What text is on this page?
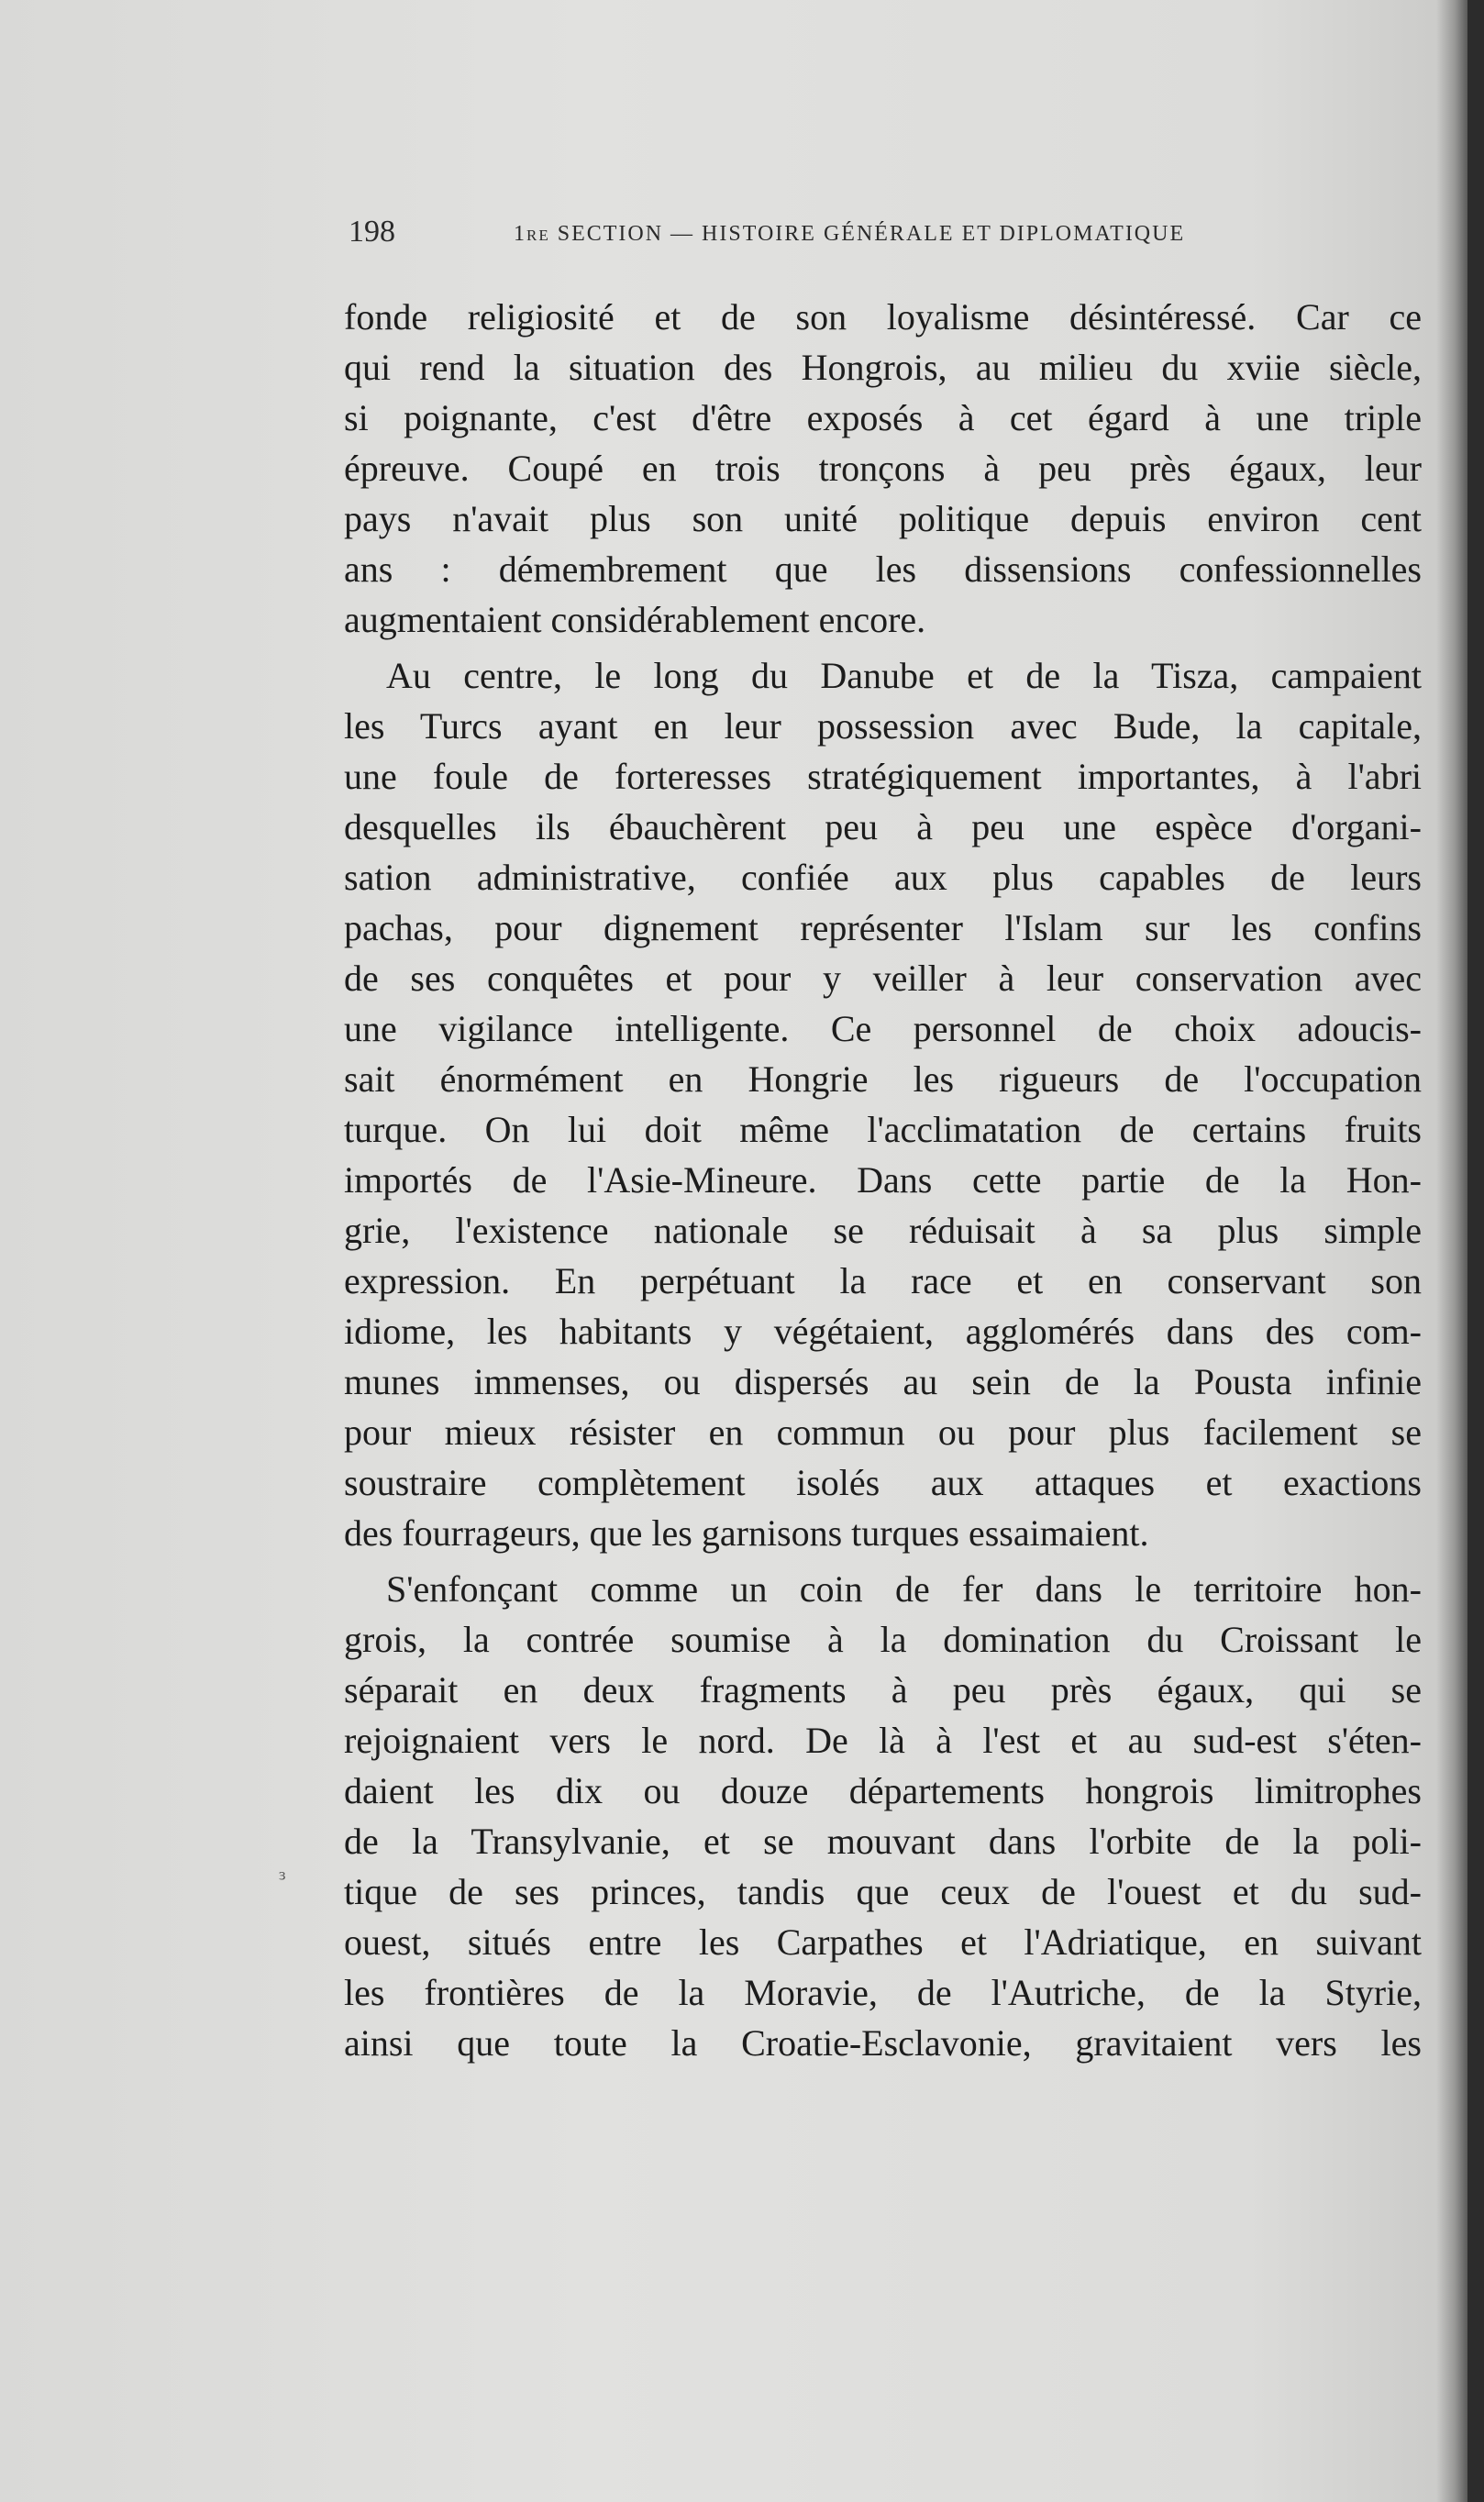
198	1re SECTION — HISTOIRE GÉNÉRALE ET DIPLOMATIQUE
fonde religiosité et de son loyalisme désintéressé. Car ce
qui rend la situation des Hongrois, au milieu du xviie siècle,
si poignante, c'est d'être exposés à cet égard à une triple
épreuve. Coupé en trois tronçons à peu près égaux, leur
pays n'avait plus son unité politique depuis environ cent
ans : démembrement que les dissensions confessionnelles
augmentaient considérablement encore.
Au centre, le long du Danube et de la Tisza, campaient
les Turcs ayant en leur possession avec Bude, la capitale,
une foule de forteresses stratégiquement importantes, à l'abri
desquelles ils ébauchèrent peu à peu une espèce d'organi-
sation administrative, confiée aux plus capables de leurs
pachas, pour dignement représenter l'Islam sur les confins
de ses conquêtes et pour y veiller à leur conservation avec
une vigilance intelligente. Ce personnel de choix adoucis-
sait énormément en Hongrie les rigueurs de l'occupation
turque. On lui doit même l'acclimatation de certains fruits
importés de l'Asie-Mineure. Dans cette partie de la Hon-
grie, l'existence nationale se réduisait à sa plus simple
expression. En perpétuant la race et en conservant son
idiome, les habitants y végétaient, agglomérés dans des com-
munes immenses, ou dispersés au sein de la Pousta infinie
pour mieux résister en commun ou pour plus facilement se
soustraire complètement isolés aux attaques et exactions
des fourrageurs, que les garnisons turques essaimaient.
S'enfonçant comme un coin de fer dans le territoire hon-
grois, la contrée soumise à la domination du Croissant le
séparait en deux fragments à peu près égaux, qui se
rejoignaient vers le nord. De là à l'est et au sud-est s'éten-
daient les dix ou douze départements hongrois limitrophes
de la Transylvanie, et se mouvant dans l'orbite de la poli-
tique de ses princes, tandis que ceux de l'ouest et du sud-
ouest, situés entre les Carpathes et l'Adriatique, en suivant
les frontières de la Moravie, de l'Autriche, de la Styrie,
ainsi que toute la Croatie-Esclavonie, gravitaient vers les
ᵌ
